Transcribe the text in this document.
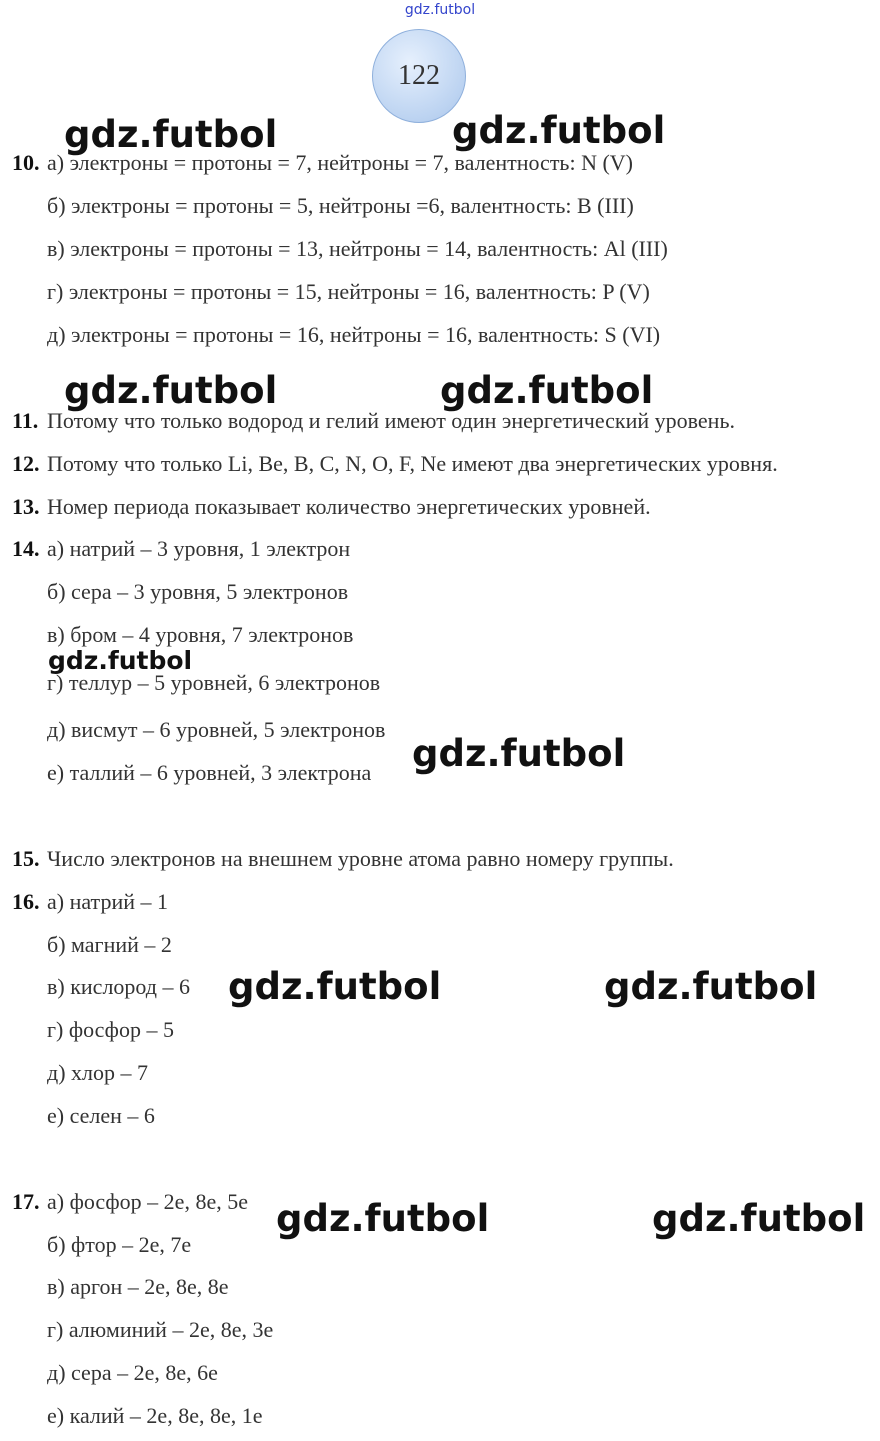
gdz.futbol
122
gdz.futbol	gdz.futbol
gdz.futbol	gdz.futbol
gdz.futbol
gdz.futbol
gdz.futbol	gdz.futbol
gdz.futbol	gdz.futbol
10. а) электроны = протоны = 7, нейтроны = 7, валентность: N (V)
б) электроны = протоны = 5, нейтроны =6, валентность: B (III)
в) электроны = протоны = 13, нейтроны = 14, валентность: Al (III)
г) электроны = протоны = 15, нейтроны = 16, валентность: P (V)
д) электроны = протоны = 16, нейтроны = 16, валентность: S (VI)
11. Потому что только водород и гелий имеют один энергетический уровень.
12. Потому что только Li, Be, B, C, N, O, F, Ne имеют два энергетических уровня.
13. Номер периода показывает количество энергетических уровней.
14. а) натрий – 3 уровня, 1 электрон
б) сера – 3 уровня, 5 электронов
в) бром – 4 уровня, 7 электронов
г) теллур – 5 уровней, 6 электронов
д) висмут – 6 уровней, 5 электронов
е) таллий – 6 уровней, 3 электрона
15. Число электронов на внешнем уровне атома равно номеру группы.
16. а) натрий – 1
б) магний – 2
в) кислород – 6
г) фосфор – 5
д) хлор – 7
е) селен – 6
17. а) фосфор – 2e, 8e, 5e
б) фтор – 2e, 7e
в) аргон – 2e, 8e, 8e
г) алюминий – 2e, 8e, 3e
д) сера – 2e, 8e, 6e
е) калий – 2e, 8e, 8e, 1e
